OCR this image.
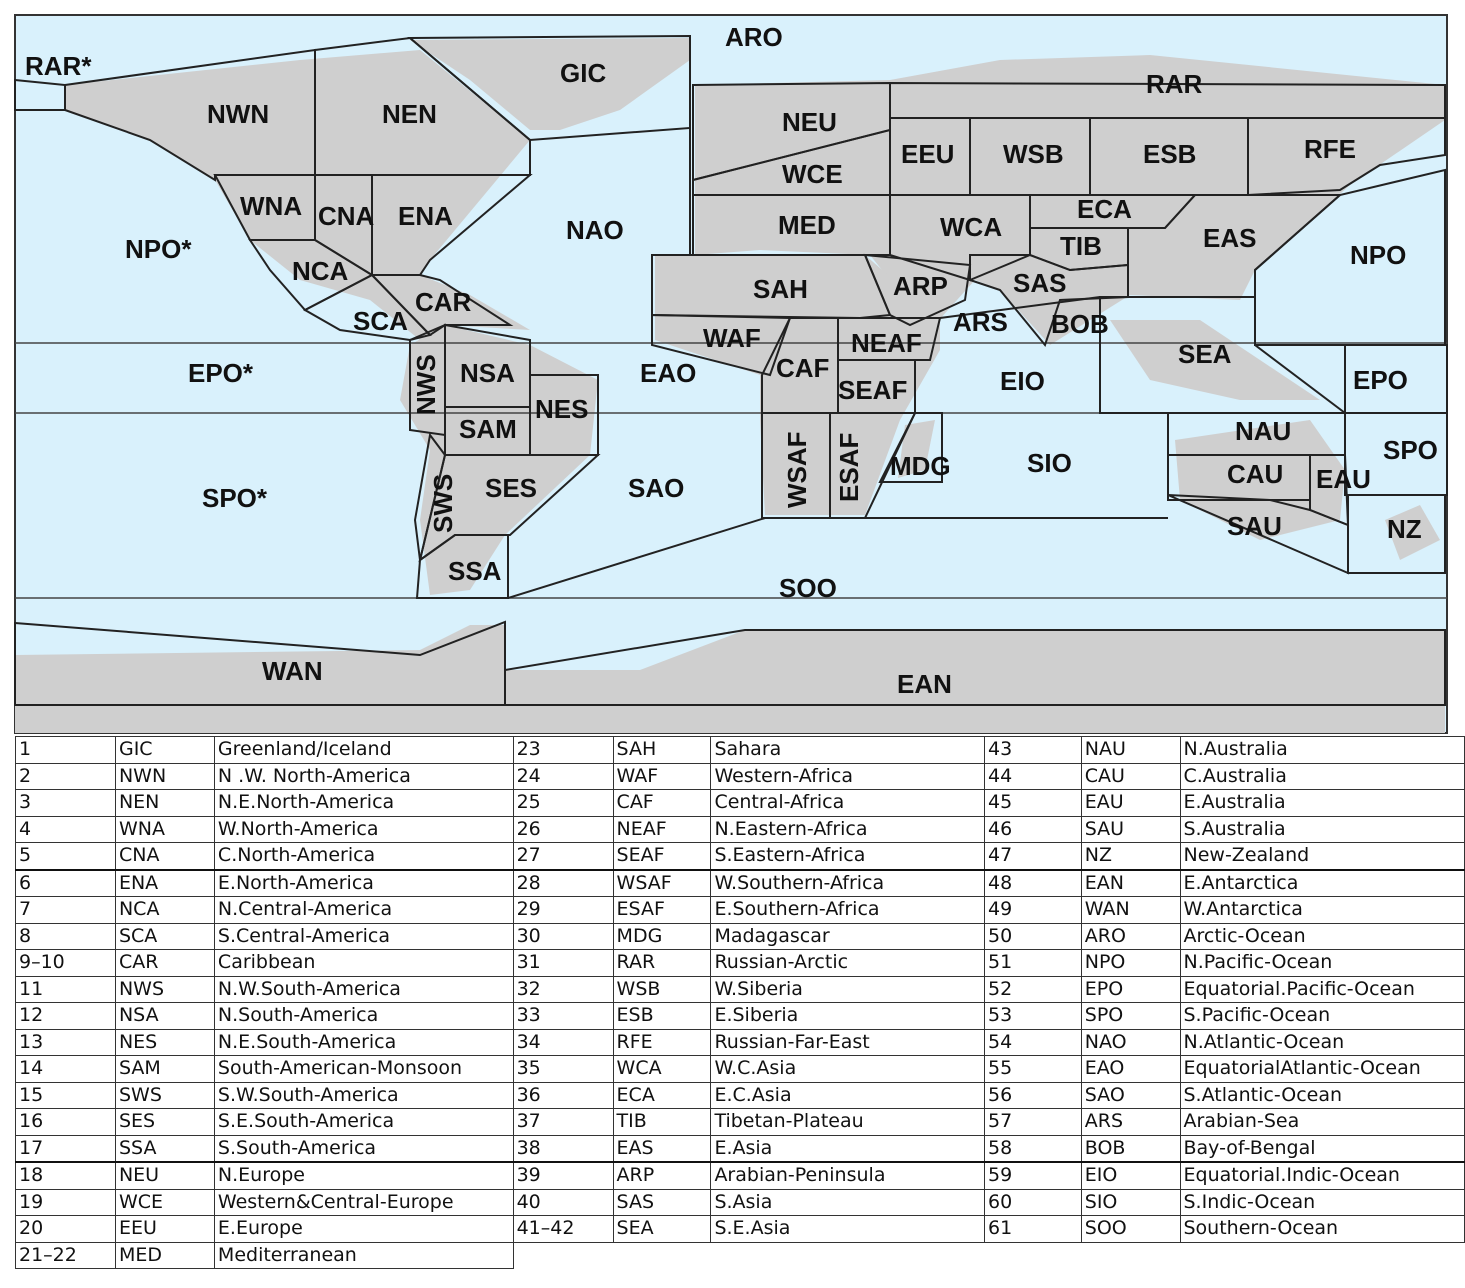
RAR*
ARO
GIC	RAR
NWN	NEN	NEU
EEU WSB	ESB	RFE
WCE
WNA CNA ENA	NAO	MED	WCA
ECA
TIB	EAS
NPO*	NPO
NCA
SAH	ARP	SAS
CAR
SCA	ARS BOB
WAF	NEAF	SEA
EPO*	NSA	EAO	CAF	EIO	EPO
SEAF
NES
SAM	NAU
SPO
MDG	SIO	CAU EAU
SPO*	SES	SAO
SAU	NZ
SSA
SOO
WAN	EAN
NWS
SWS	WSAF ESAF
1	GIC	Greenland/Iceland	23	SAH	Sahara	43	NAU	N.Australia
2	NWN	N .W. North-America	24	WAF	Western-Africa	44	CAU	C.Australia
3	NEN	N.E.North-America	25	CAF	Central-Africa	45	EAU	E.Australia
4	WNA	W.North-America	26	NEAF	N.Eastern-Africa	46	SAU	S.Australia
5	CNA	C.North-America	27	SEAF	S.Eastern-Africa	47	NZ	New-Zealand
6	ENA	E.North-America	28	WSAF	W.Southern-Africa	48	EAN	E.Antarctica
7	NCA	N.Central-America	29	ESAF	E.Southern-Africa	49	WAN	W.Antarctica
8	SCA	S.Central-America	30	MDG	Madagascar	50	ARO	Arctic-Ocean
9–10	CAR	Caribbean	31	RAR	Russian-Arctic	51	NPO	N.Pacific-Ocean
11	NWS	N.W.South-America	32	WSB	W.Siberia	52	EPO	Equatorial.Pacific-Ocean
12	NSA	N.South-America	33	ESB	E.Siberia	53	SPO	S.Pacific-Ocean
13	NES	N.E.South-America	34	RFE	Russian-Far-East	54	NAO	N.Atlantic-Ocean
14	SAM	South-American-Monsoon	35	WCA	W.C.Asia	55	EAO	EquatorialAtlantic-Ocean
15	SWS	S.W.South-America	36	ECA	E.C.Asia	56	SAO	S.Atlantic-Ocean
16	SES	S.E.South-America	37	TIB	Tibetan-Plateau	57	ARS	Arabian-Sea
17	SSA	S.South-America	38	EAS	E.Asia	58	BOB	Bay-of-Bengal
18	NEU	N.Europe	39	ARP	Arabian-Peninsula	59	EIO	Equatorial.Indic-Ocean
19	WCE	Western&Central-Europe	40	SAS	S.Asia	60	SIO	S.Indic-Ocean
20	EEU	E.Europe	41–42	SEA	S.E.Asia	61	SOO	Southern-Ocean
21–22	MED	Mediterranean						
